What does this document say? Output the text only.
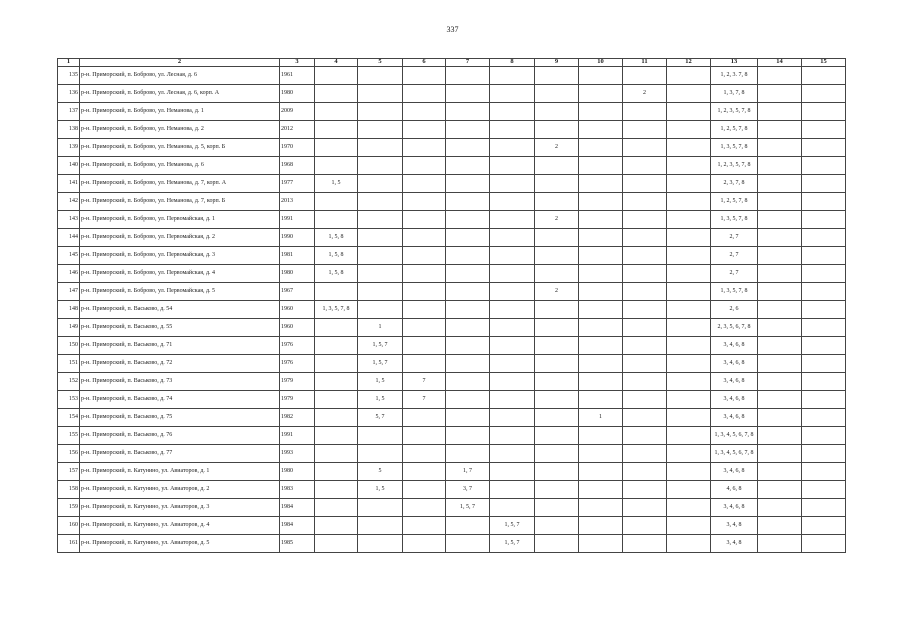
337
1	2	3	4	5	6	7	8	9	10	11	12	13	14	15
135	р-н. Приморский, п. Боброво, ул. Лесная, д. 6	1961										1, 2, 3. 7, 8		
136	р-н. Приморский, п. Боброво, ул. Лесная, д. 6, корп. А	1980								2		1, 3, 7, 8		
137	р-н. Приморский, п. Боброво, ул. Неманова, д. 1	2009										1, 2, 3, 5, 7, 8		
138	р-н. Приморский, п. Боброво, ул. Неманова, д. 2	2012										1, 2, 5, 7, 8		
139	р-н. Приморский, п. Боброво, ул. Неманова, д. 5, корп. Б	1970						2				1, 3, 5, 7, 8		
140	р-н. Приморский, п. Боброво, ул. Неманова, д. 6	1968										1, 2, 3, 5, 7, 8		
141	р-н. Приморский, п. Боброво, ул. Неманова, д. 7, корп. А	1977	1, 5									2, 3, 7, 8		
142	р-н. Приморский, п. Боброво, ул. Неманова, д. 7, корп. Б	2013										1, 2, 5, 7, 8		
143	р-н. Приморский, п. Боброво, ул. Первомайская, д. 1	1991						2				1, 3, 5, 7, 8		
144	р-н. Приморский, п. Боброво, ул. Первомайская, д. 2	1990	1, 5, 8									2, 7		
145	р-н. Приморский, п. Боброво, ул. Первомайская, д. 3	1981	1, 5, 8									2, 7		
146	р-н. Приморский, п. Боброво, ул. Первомайская, д. 4	1980	1, 5, 8									2, 7		
147	р-н. Приморский, п. Боброво, ул. Первомайская, д. 5	1967						2				1, 3, 5, 7, 8		
148	р-н. Приморский, п. Васьково, д. 54	1960	1, 3, 5, 7, 8									2, 6		
149	р-н. Приморский, п. Васьково, д. 55	1960		1								2, 3, 5, 6, 7, 8		
150	р-н. Приморский, п. Васьково, д. 71	1976		1, 5, 7								3, 4, 6, 8		
151	р-н. Приморский, п. Васьково, д. 72	1976		1, 5, 7								3, 4, 6, 8		
152	р-н. Приморский, п. Васьково, д. 73	1979		1, 5	7							3, 4, 6, 8		
153	р-н. Приморский, п. Васьково, д. 74	1979		1, 5	7							3, 4, 6, 8		
154	р-н. Приморский, п. Васьково, д. 75	1982		5, 7					1			3, 4, 6, 8		
155	р-н. Приморский, п. Васьково, д. 76	1991										1, 3, 4, 5, 6, 7, 8		
156	р-н. Приморский, п. Васьково, д. 77	1993										1, 3, 4, 5, 6, 7, 8		
157	р-н. Приморский, п. Катунино, ул. Авиаторов, д. 1	1980		5		1, 7						3, 4, 6, 8		
158	р-н. Приморский, п. Катунино, ул. Авиаторов, д. 2	1983		1, 5		3, 7						4, 6, 8		
159	р-н. Приморский, п. Катунино, ул. Авиаторов, д. 3	1984				1, 5, 7						3, 4, 6, 8		
160	р-н. Приморский, п. Катунино, ул. Авиаторов, д. 4	1984					1, 5, 7					3, 4, 8		
161	р-н. Приморский, п. Катунино, ул. Авиаторов, д. 5	1985					1, 5, 7					3, 4, 8		
